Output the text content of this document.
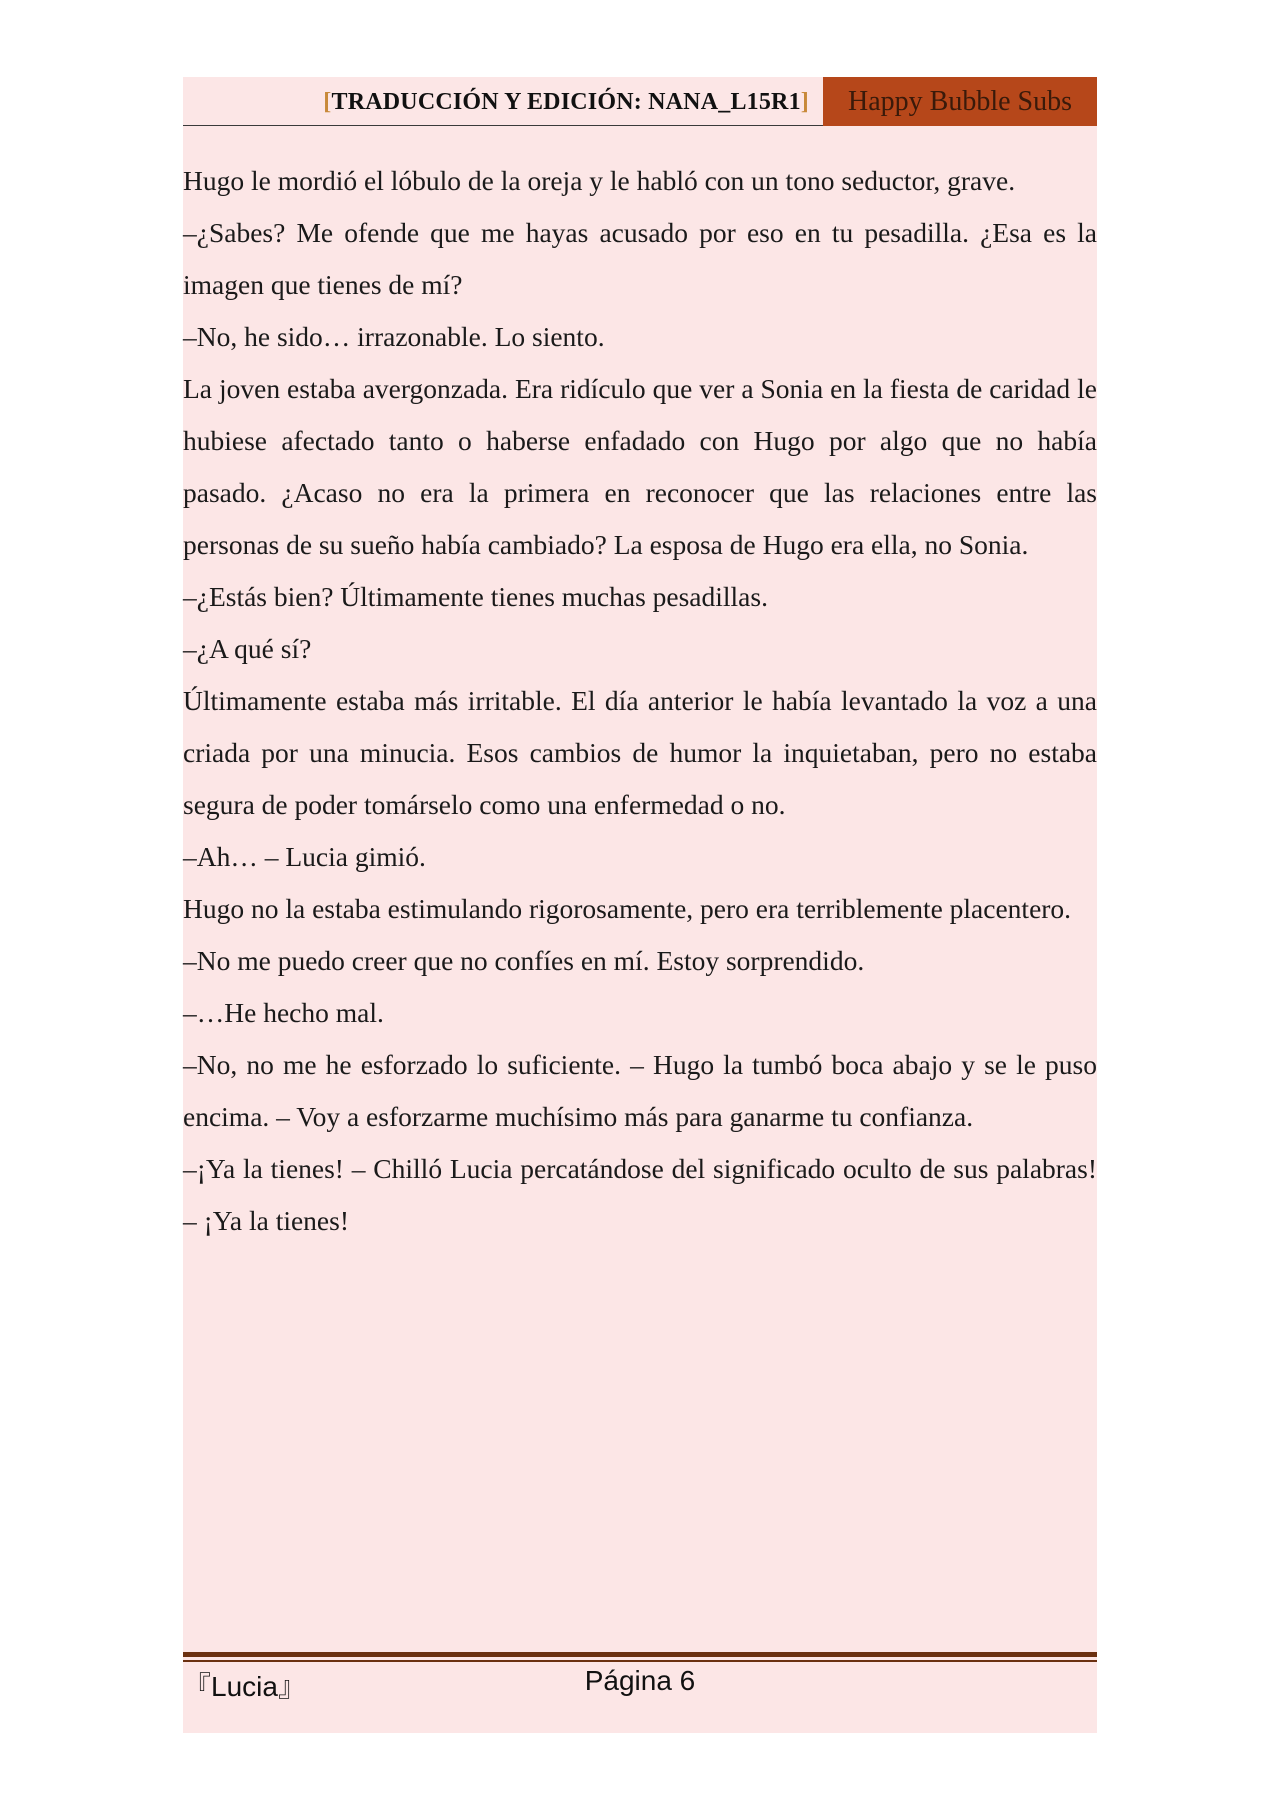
[TRADUCCIÓN Y EDICIÓN: NANA_L15R1]	Happy Bubble Subs

Hugo le mordió el lóbulo de la oreja y le habló con un tono seductor, grave.

–¿Sabes? Me ofende que me hayas acusado por eso en tu pesadilla. ¿Esa es la imagen que tienes de mí?

–No, he sido… irrazonable. Lo siento.

La joven estaba avergonzada. Era ridículo que ver a Sonia en la fiesta de caridad le hubiese afectado tanto o haberse enfadado con Hugo por algo que no había pasado. ¿Acaso no era la primera en reconocer que las relaciones entre las personas de su sueño había cambiado? La esposa de Hugo era ella, no Sonia.

–¿Estás bien? Últimamente tienes muchas pesadillas.

–¿A qué sí?

Últimamente estaba más irritable. El día anterior le había levantado la voz a una criada por una minucia. Esos cambios de humor la inquietaban, pero no estaba segura de poder tomárselo como una enfermedad o no.

–Ah… – Lucia gimió.

Hugo no la estaba estimulando rigorosamente, pero era terriblemente placentero.

–No me puedo creer que no confíes en mí. Estoy sorprendido.

–…He hecho mal.

–No, no me he esforzado lo suficiente. – Hugo la tumbó boca abajo y se le puso encima. – Voy a esforzarme muchísimo más para ganarme tu confianza.

–¡Ya la tienes! – Chilló Lucia percatándose del significado oculto de sus palabras! – ¡Ya la tienes!

Página 6
『Lucia』
